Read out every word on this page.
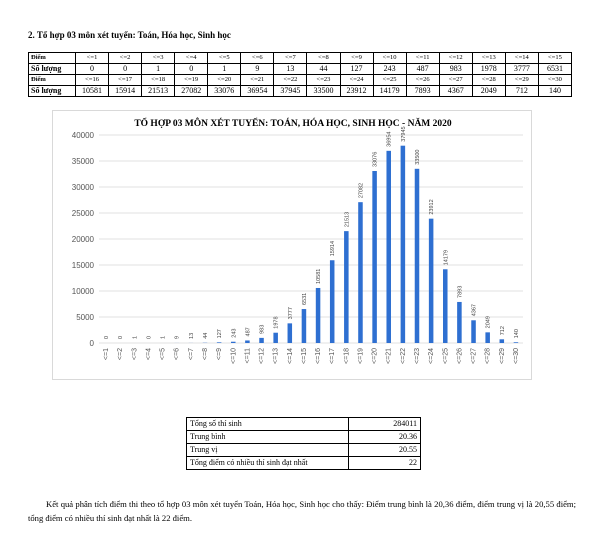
2. Tổ hợp 03 môn xét tuyển: Toán, Hóa học, Sinh học
Điểm	<=1	<=2	<=3	<=4	<=5	<=6	<=7	<=8	<=9	<=10	<=11	<=12	<=13	<=14	<=15
Số lượng	0	0	1	0	1	9	13	44	127	243	487	983	1978	3777	6531
Điểm	<=16	<=17	<=18	<=19	<=20	<=21	<=22	<=23	<=24	<=25	<=26	<=27	<=28	<=29	<=30
Số lượng	10581	15914	21513	27082	33076	36954	37945	33500	23912	14179	7893	4367	2049	712	140
TỔ HỢP 03 MÔN XÉT TUYỂN: TOÁN, HÓA HỌC, SINH HỌC - NĂM 2020
0
5000
10000
15000
20000
25000
30000
35000
40000
0
<=1
0
<=2
1
<=3
0
<=4
1
<=5
9
<=6
13
<=7
44
<=8
127
<=9
243
<=10
487
<=11
983
<=12
1978
<=13
3777
<=14
6531
<=15
10581
<=16
15914
<=17
21513
<=18
27082
<=19
33076
<=20
36954
<=21
37945
<=22
33500
<=23
23912
<=24
14179
<=25
7893
<=26
4367
<=27
2049
<=28
712
<=29
140
<=30
Tổng số thí sinh	284011
Trung bình	20.36
Trung vị	20.55
Tổng điểm có nhiều thí sinh đạt nhất	22
Kết quả phân tích điểm thi theo tổ hợp 03 môn xét tuyển Toán, Hóa học, Sinh học cho thấy: Điểm trung bình là 20,36 điểm, điểm trung vị là 20,55 điểm; tổng điểm có nhiều thí sinh đạt nhất là 22 điểm.
